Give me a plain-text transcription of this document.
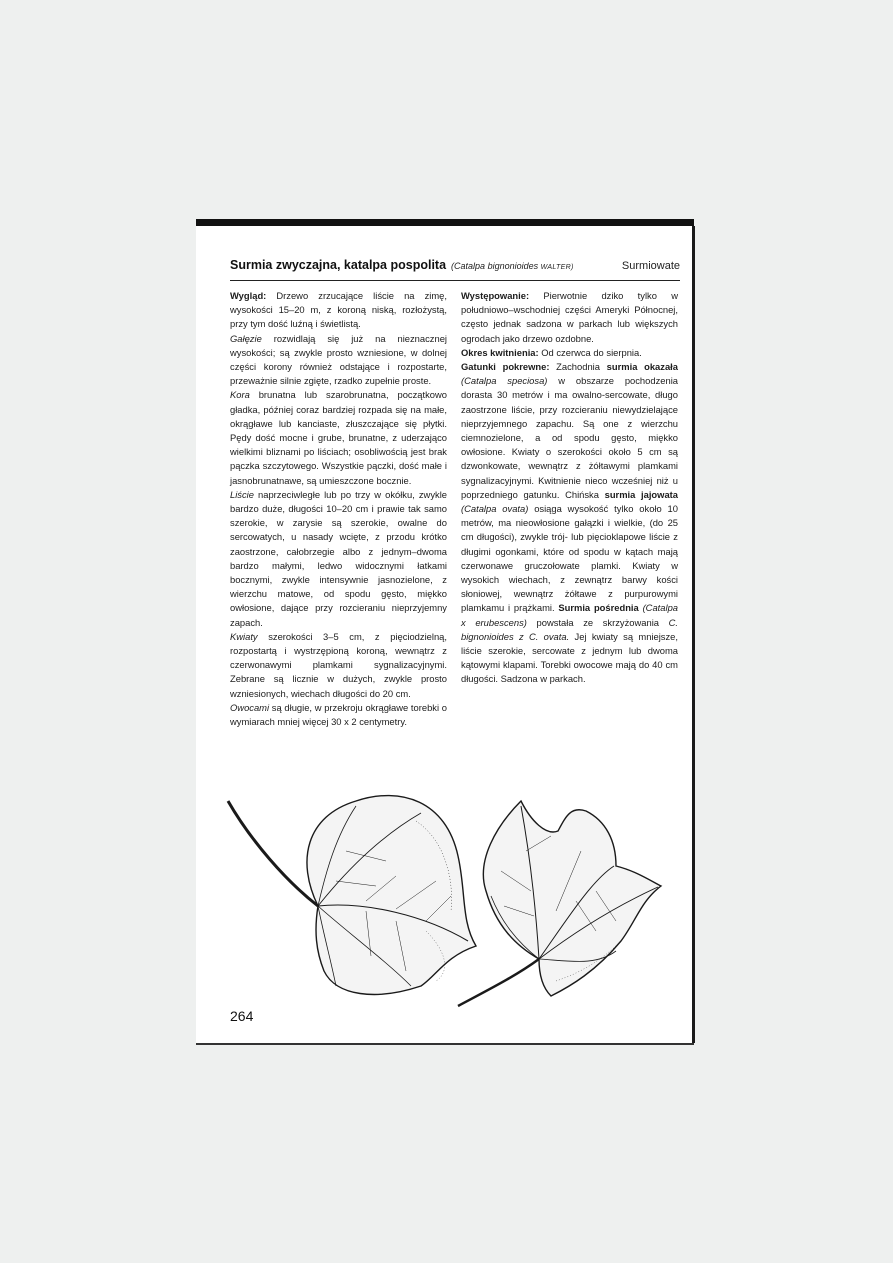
Surmia zwyczajna, katalpa pospolita (Catalpa bignonioides WALTER)	Surmiowate

Wygląd: Drzewo zrzucające liście na zimę, wysokości 15–20 m, z koroną niską, rozłożystą, przy tym dość luźną i świetlistą.

Gałęzie rozwidlają się już na nieznacznej wysokości; są zwykle prosto wzniesione, w dolnej części korony również odstające i rozpostarte, przeważnie silnie zgięte, rzadko zupełnie proste.

Kora brunatna lub szarobrunatna, początkowo gładka, później coraz bardziej rozpada się na małe, okrągławe lub kanciaste, złuszczające się płytki. Pędy dość mocne i grube, brunatne, z uderzająco wielkimi bliznami po liściach; osobliwością jest brak pączka szczytowego. Wszystkie pączki, dość małe i jasnobrunatnawe, są umieszczone bocznie.

Liście naprzeciwległe lub po trzy w okółku, zwykle bardzo duże, długości 10–20 cm i prawie tak samo szerokie, w zarysie są szerokie, owalne do sercowatych, u nasady wcięte, z przodu krótko zaostrzone, całobrzegie albo z jednym–dwoma bardzo małymi, ledwo widocznymi łatkami bocznymi, zwykle intensywnie jasnozielone, z wierzchu matowe, od spodu gęsto, miękko owłosione, dające przy rozcieraniu nieprzyjemny zapach.

Kwiaty szerokości 3–5 cm, z pięciodzielną, rozpostartą i wystrzępioną koroną, wewnątrz z czerwonawymi plamkami sygnalizacyjnymi. Zebrane są licznie w dużych, zwykle prosto wzniesionych, wiechach długości do 20 cm.

Owocami są długie, w przekroju okrągławe torebki o wymiarach mniej więcej 30 x 2 centymetry.

Występowanie: Pierwotnie dziko tylko w południowo–wschodniej części Ameryki Północnej, często jednak sadzona w parkach lub większych ogrodach jako drzewo ozdobne.

Okres kwitnienia: Od czerwca do sierpnia.

Gatunki pokrewne: Zachodnia surmia okazała (Catalpa speciosa) w obszarze pochodzenia dorasta 30 metrów i ma owalno-sercowate, długo zaostrzone liście, przy rozcieraniu niewydzielające nieprzyjemnego zapachu. Są one z wierzchu ciemnozielone, a od spodu gęsto, miękko owłosione. Kwiaty o szerokości około 5 cm są dzwonkowate, wewnątrz z żółtawymi plamkami sygnalizacyjnymi. Kwitnienie nieco wcześniej niż u poprzedniego gatunku. Chińska surmia jajowata (Catalpa ovata) osiąga wysokość tylko około 10 metrów, ma nieowłosione gałązki i wielkie, (do 25 cm długości), zwykle trój- lub pięcioklapowe liście z długimi ogonkami, które od spodu w kątach mają czerwonawe gruczołowate plamki. Kwiaty w wysokich wiechach, z zewnątrz barwy kości słoniowej, wewnątrz żółtawe z purpurowymi plamkamu i prążkami. Surmia pośrednia (Catalpa x erubescens) powstała ze skrzyżowania C. bignonioides z C. ovata. Jej kwiaty są mniejsze, liście szerokie, sercowate z jednym lub dwoma kątowymi klapami. Torebki owocowe mają do 40 cm długości. Sadzona w parkach.

264
